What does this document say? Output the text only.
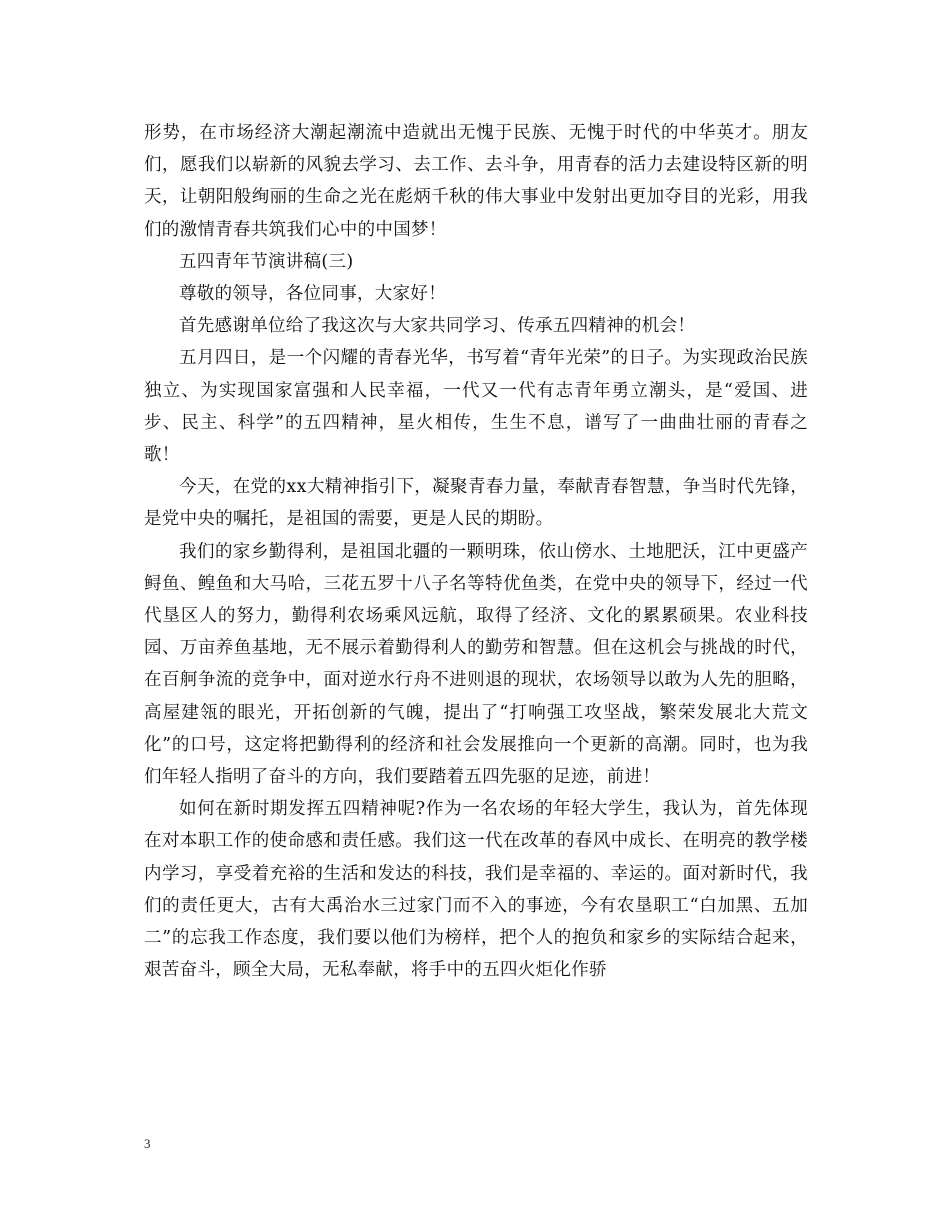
形势，在市场经济大潮起潮流中造就出无愧于民族、无愧于时代的中华英才。朋友们，愿我们以崭新的风貌去学习、去工作、去斗争，用青春的活力去建设特区新的明天，让朝阳般绚丽的生命之光在彪炳千秋的伟大事业中发射出更加夺目的光彩，用我们的激情青春共筑我们心中的中国梦！

五四青年节演讲稿(三)

尊敬的领导，各位同事，大家好！

首先感谢单位给了我这次与大家共同学习、传承五四精神的机会！

五月四日，是一个闪耀的青春光华，书写着“青年光荣”的日子。为实现政治民族独立、为实现国家富强和人民幸福，一代又一代有志青年勇立潮头，是“爱国、进步、民主、科学”的五四精神，星火相传，生生不息，谱写了一曲曲壮丽的青春之歌！

今天，在党的xx大精神指引下，凝聚青春力量，奉献青春智慧，争当时代先锋，是党中央的嘱托，是祖国的需要，更是人民的期盼。

我们的家乡勤得利，是祖国北疆的一颗明珠，依山傍水、土地肥沃，江中更盛产鲟鱼、鳇鱼和大马哈，三花五罗十八子名等特优鱼类，在党中央的领导下，经过一代代垦区人的努力，勤得利农场乘风远航，取得了经济、文化的累累硕果。农业科技园、万亩养鱼基地，无不展示着勤得利人的勤劳和智慧。但在这机会与挑战的时代，在百舸争流的竞争中，面对逆水行舟不进则退的现状，农场领导以敢为人先的胆略，高屋建瓴的眼光，开拓创新的气魄，提出了“打响强工攻坚战，繁荣发展北大荒文化”的口号，这定将把勤得利的经济和社会发展推向一个更新的高潮。同时，也为我们年轻人指明了奋斗的方向，我们要踏着五四先驱的足迹，前进！

如何在新时期发挥五四精神呢?作为一名农场的年轻大学生，我认为，首先体现在对本职工作的使命感和责任感。我们这一代在改革的春风中成长、在明亮的教学楼内学习，享受着充裕的生活和发达的科技，我们是幸福的、幸运的。面对新时代，我们的责任更大，古有大禹治水三过家门而不入的事迹，今有农垦职工“白加黑、五加二”的忘我工作态度，我们要以他们为榜样，把个人的抱负和家乡的实际结合起来，艰苦奋斗，顾全大局，无私奉献，将手中的五四火炬化作骄

3
